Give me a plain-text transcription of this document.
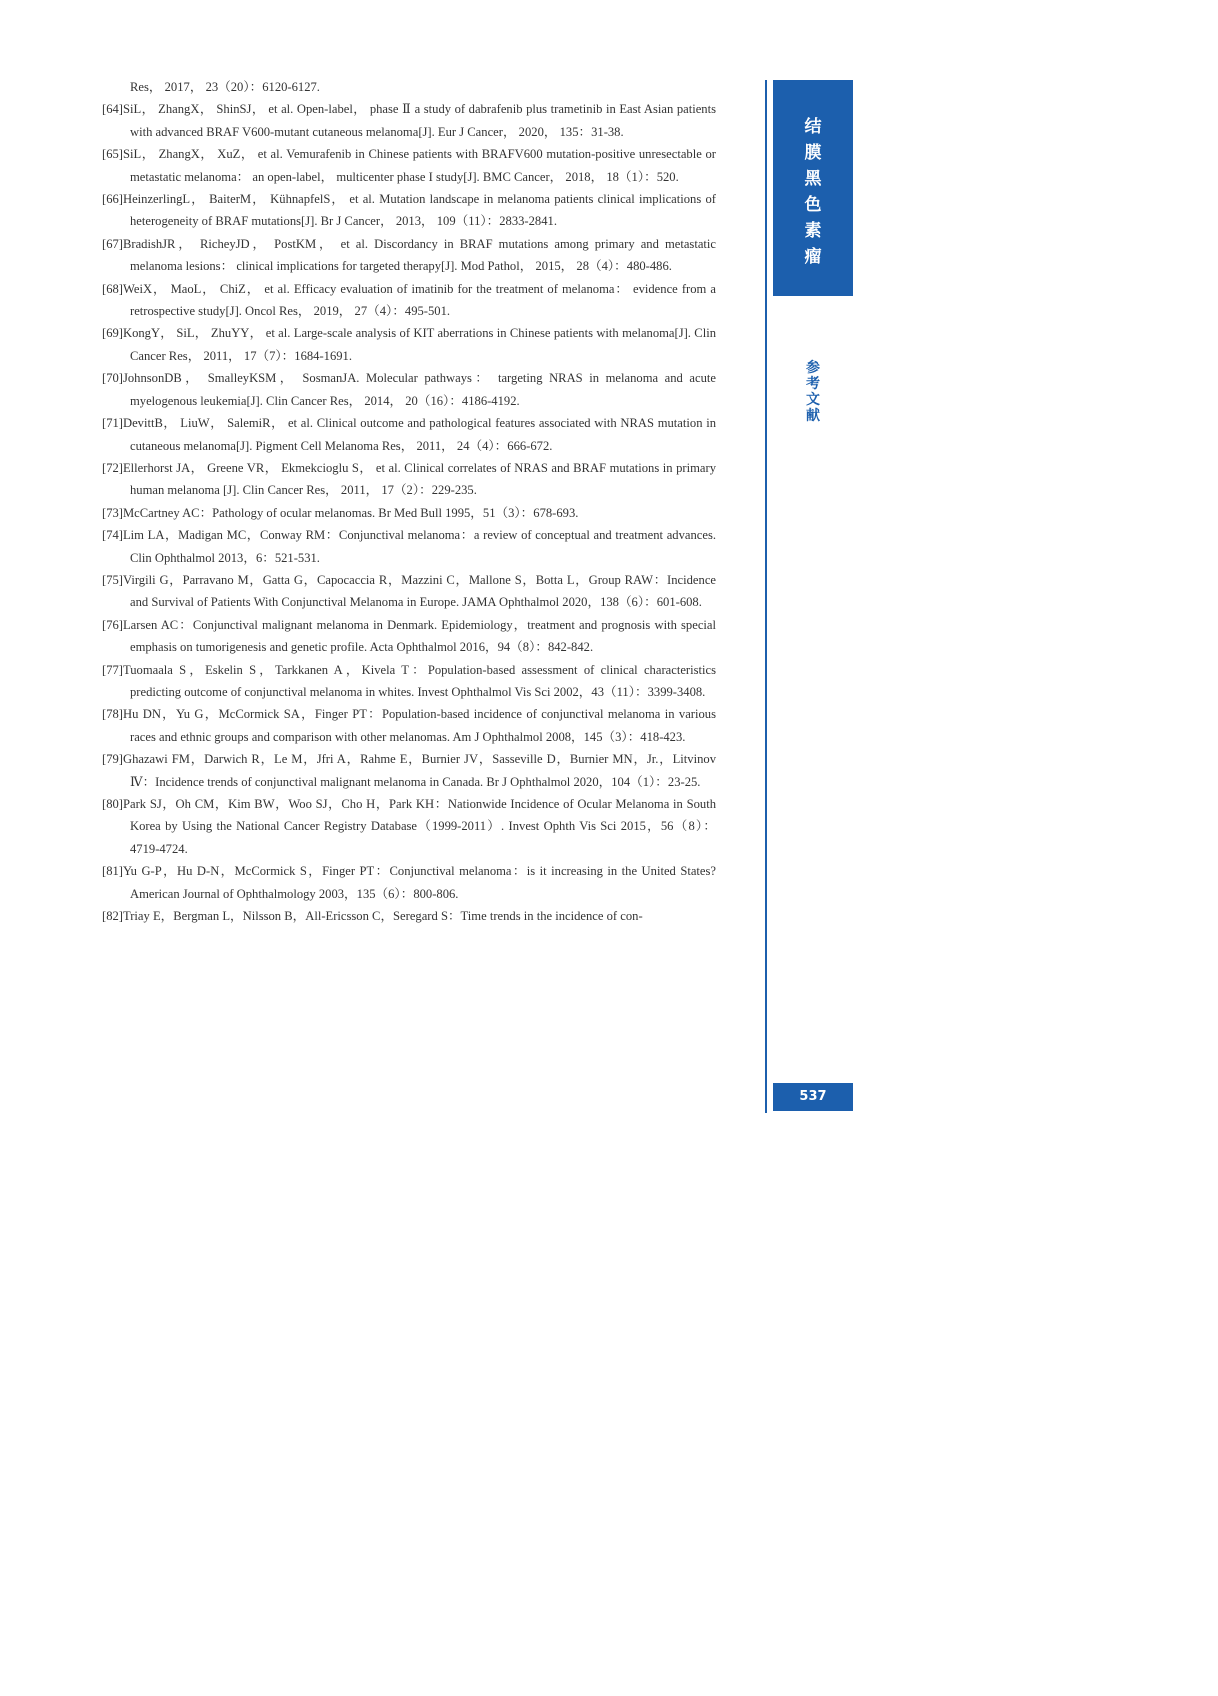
Res， 2017， 23（20）：6120-6127.
[64]SiL， ZhangX， ShinSJ， et al. Open-label， phase Ⅱ a study of dabrafenib plus trametinib in East Asian patients with advanced BRAF V600-mutant cutaneous melanoma[J]. Eur J Cancer， 2020， 135：31-38.
[65]SiL， ZhangX， XuZ， et al. Vemurafenib in Chinese patients with BRAFV600 mutation-positive unresectable or metastatic melanoma： an open-label， multicenter phase I study[J]. BMC Cancer， 2018， 18（1）：520.
[66]HeinzerlingL， BaiterM， KühnapfelS， et al. Mutation landscape in melanoma patients clinical implications of heterogeneity of BRAF mutations[J]. Br J Cancer， 2013， 109（11）：2833-2841.
[67]BradishJR， RicheyJD， PostKM， et al. Discordancy in BRAF mutations among primary and metastatic melanoma lesions： clinical implications for targeted therapy[J]. Mod Pathol， 2015， 28（4）：480-486.
[68]WeiX， MaoL， ChiZ， et al. Efficacy evaluation of imatinib for the treatment of melanoma： evidence from a retrospective study[J]. Oncol Res， 2019， 27（4）：495-501.
[69]KongY， SiL， ZhuYY， et al. Large-scale analysis of KIT aberrations in Chinese patients with melanoma[J]. Clin Cancer Res， 2011， 17（7）：1684-1691.
[70]JohnsonDB， SmalleyKSM， SosmanJA. Molecular pathways： targeting NRAS in melanoma and acute myelogenous leukemia[J]. Clin Cancer Res， 2014， 20（16）：4186-4192.
[71]DevittB， LiuW， SalemiR， et al. Clinical outcome and pathological features associated with NRAS mutation in cutaneous melanoma[J]. Pigment Cell Melanoma Res， 2011， 24（4）：666-672.
[72]Ellerhorst JA， Greene VR， Ekmekcioglu S， et al. Clinical correlates of NRAS and BRAF mutations in primary human melanoma [J]. Clin Cancer Res， 2011， 17（2）：229-235.
[73]McCartney AC：Pathology of ocular melanomas. Br Med Bull 1995，51（3）：678-693.
[74]Lim LA，Madigan MC，Conway RM：Conjunctival melanoma：a review of conceptual and treatment advances. Clin Ophthalmol 2013，6：521-531.
[75]Virgili G，Parravano M，Gatta G，Capocaccia R，Mazzini C，Mallone S，Botta L，Group RAW：Incidence and Survival of Patients With Conjunctival Melanoma in Europe. JAMA Ophthalmol 2020，138（6）：601-608.
[76]Larsen AC：Conjunctival malignant melanoma in Denmark. Epidemiology，treatment and prognosis with special emphasis on tumorigenesis and genetic profile. Acta Ophthalmol 2016，94（8）：842-842.
[77]Tuomaala S，Eskelin S，Tarkkanen A，Kivela T：Population-based assessment of clinical characteristics predicting outcome of conjunctival melanoma in whites. Invest Ophthalmol Vis Sci 2002，43（11）：3399-3408.
[78]Hu DN，Yu G，McCormick SA，Finger PT：Population-based incidence of conjunctival melanoma in various races and ethnic groups and comparison with other melanomas. Am J Ophthalmol 2008，145（3）：418-423.
[79]Ghazawi FM，Darwich R，Le M，Jfri A，Rahme E，Burnier JV，Sasseville D，Burnier MN，Jr.，Litvinov Ⅳ：Incidence trends of conjunctival malignant melanoma in Canada. Br J Ophthalmol 2020，104（1）：23-25.
[80]Park SJ，Oh CM，Kim BW，Woo SJ，Cho H，Park KH：Nationwide Incidence of Ocular Melanoma in South Korea by Using the National Cancer Registry Database（1999-2011）. Invest Ophth Vis Sci 2015，56（8）：4719-4724.
[81]Yu G-P，Hu D-N，McCormick S，Finger PT：Conjunctival melanoma：is it increasing in the United States? American Journal of Ophthalmology 2003，135（6）：800-806.
[82]Triay E，Bergman L，Nilsson B，All-Ericsson C，Seregard S：Time trends in the incidence of con-
结
膜
黑
色
素
瘤
参
考
文
献
537
